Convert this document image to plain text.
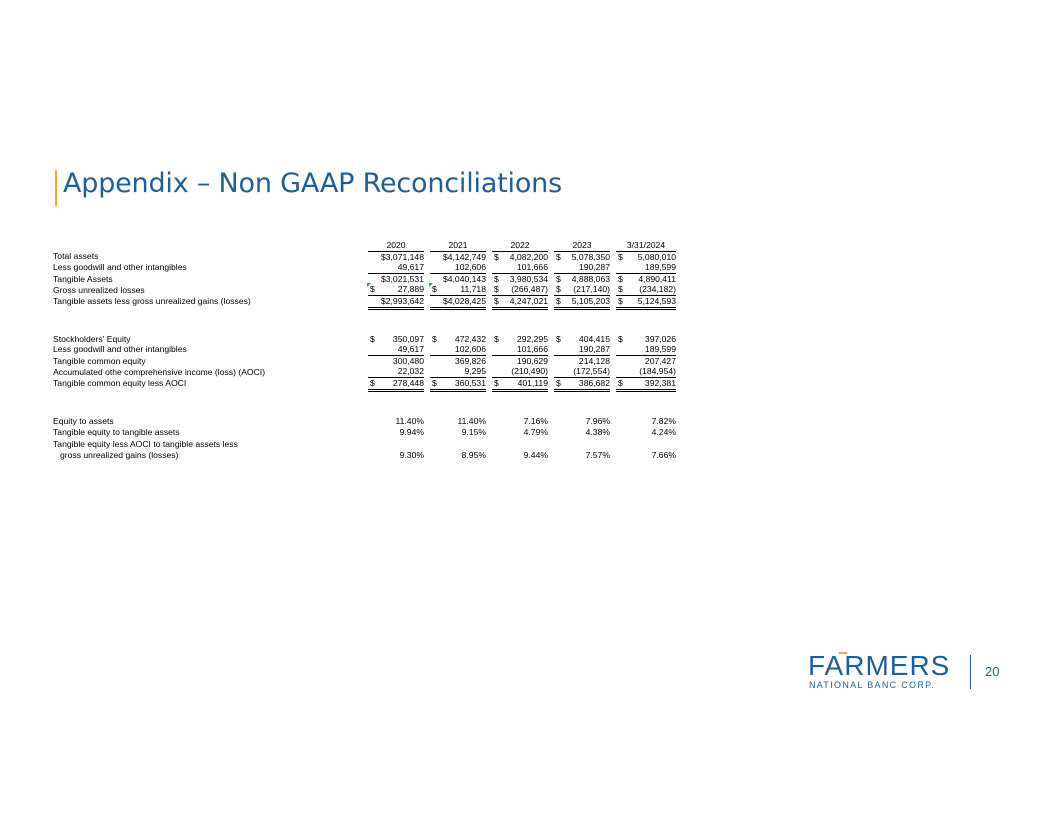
Appendix – Non GAAP Reconciliations
	2020			2021			2022			2023			3/31/2024	
Total assets	$3,071,148			$4,142,749			$	4,082,200		$	5,078,350		$	5,080,010
Less goodwill and other intangibles	49,617			102,606			101,666			190,287			189,599	
Tangible Assets	$3,021,531			$4,040,143			$	3,980,534		$	4,888,063		$	4,890,411
Gross unrealized losses	$	27,889		$	11,718		$	(266,487)		$	(217,140)		$	(234,182)
Tangible assets less gross unrealized gains (losses)	$2,993,642			$4,028,425			$	4,247,021		$	5,105,203		$	5,124,593

Stockholders' Equity	$	350,097		$	472,432		$	292,295		$	404,415		$	397,026
Less goodwill and other intangibles	49,617			102,606			101,666			190,287			189,599	
Tangible common equity	300,480			369,826			190,629			214,128			207,427	
Accumulated othe comprehensive income (loss) (AOCI)	22,032			9,295			(210,490)			(172,554)			(184,954)	
Tangible common equity less AOCI	$	278,448		$	360,531		$	401,119		$	386,682		$	392,381

Equity to assets	11.40%			11.40%			7.16%			7.96%			7.82%	
Tangible equity to tangible assets	9.94%			9.15%			4.79%			4.38%			4.24%	
Tangible equity less AOCI to tangible assets less														
gross unrealized gains (losses)	9.30%			8.95%			9.44%			7.57%			7.66%	
FARMERS
NATIONAL BANC CORP.
20
